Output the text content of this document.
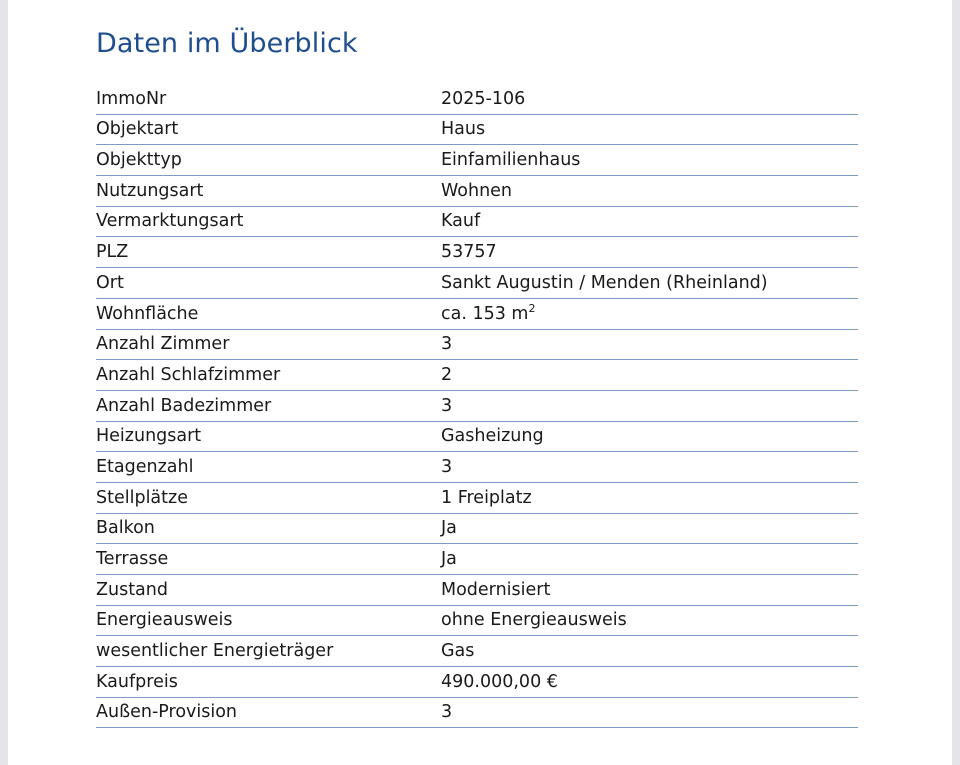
Daten im Überblick
ImmoNr	2025-106
Objektart	Haus
Objekttyp	Einfamilienhaus
Nutzungsart	Wohnen
Vermarktungsart	Kauf
PLZ	53757
Ort	Sankt Augustin / Menden (Rheinland)
Wohnfläche	ca. 153 $m^2$
Anzahl Zimmer	3
Anzahl Schlafzimmer	2
Anzahl Badezimmer	3
Heizungsart	Gasheizung
Etagenzahl	3
Stellplätze	1 Freiplatz
Balkon	Ja
Terrasse	Ja
Zustand	Modernisiert
Energieausweis	ohne Energieausweis
wesentlicher Energieträger	Gas
Kaufpreis	490.000,00 €
Außen-Provision	3
